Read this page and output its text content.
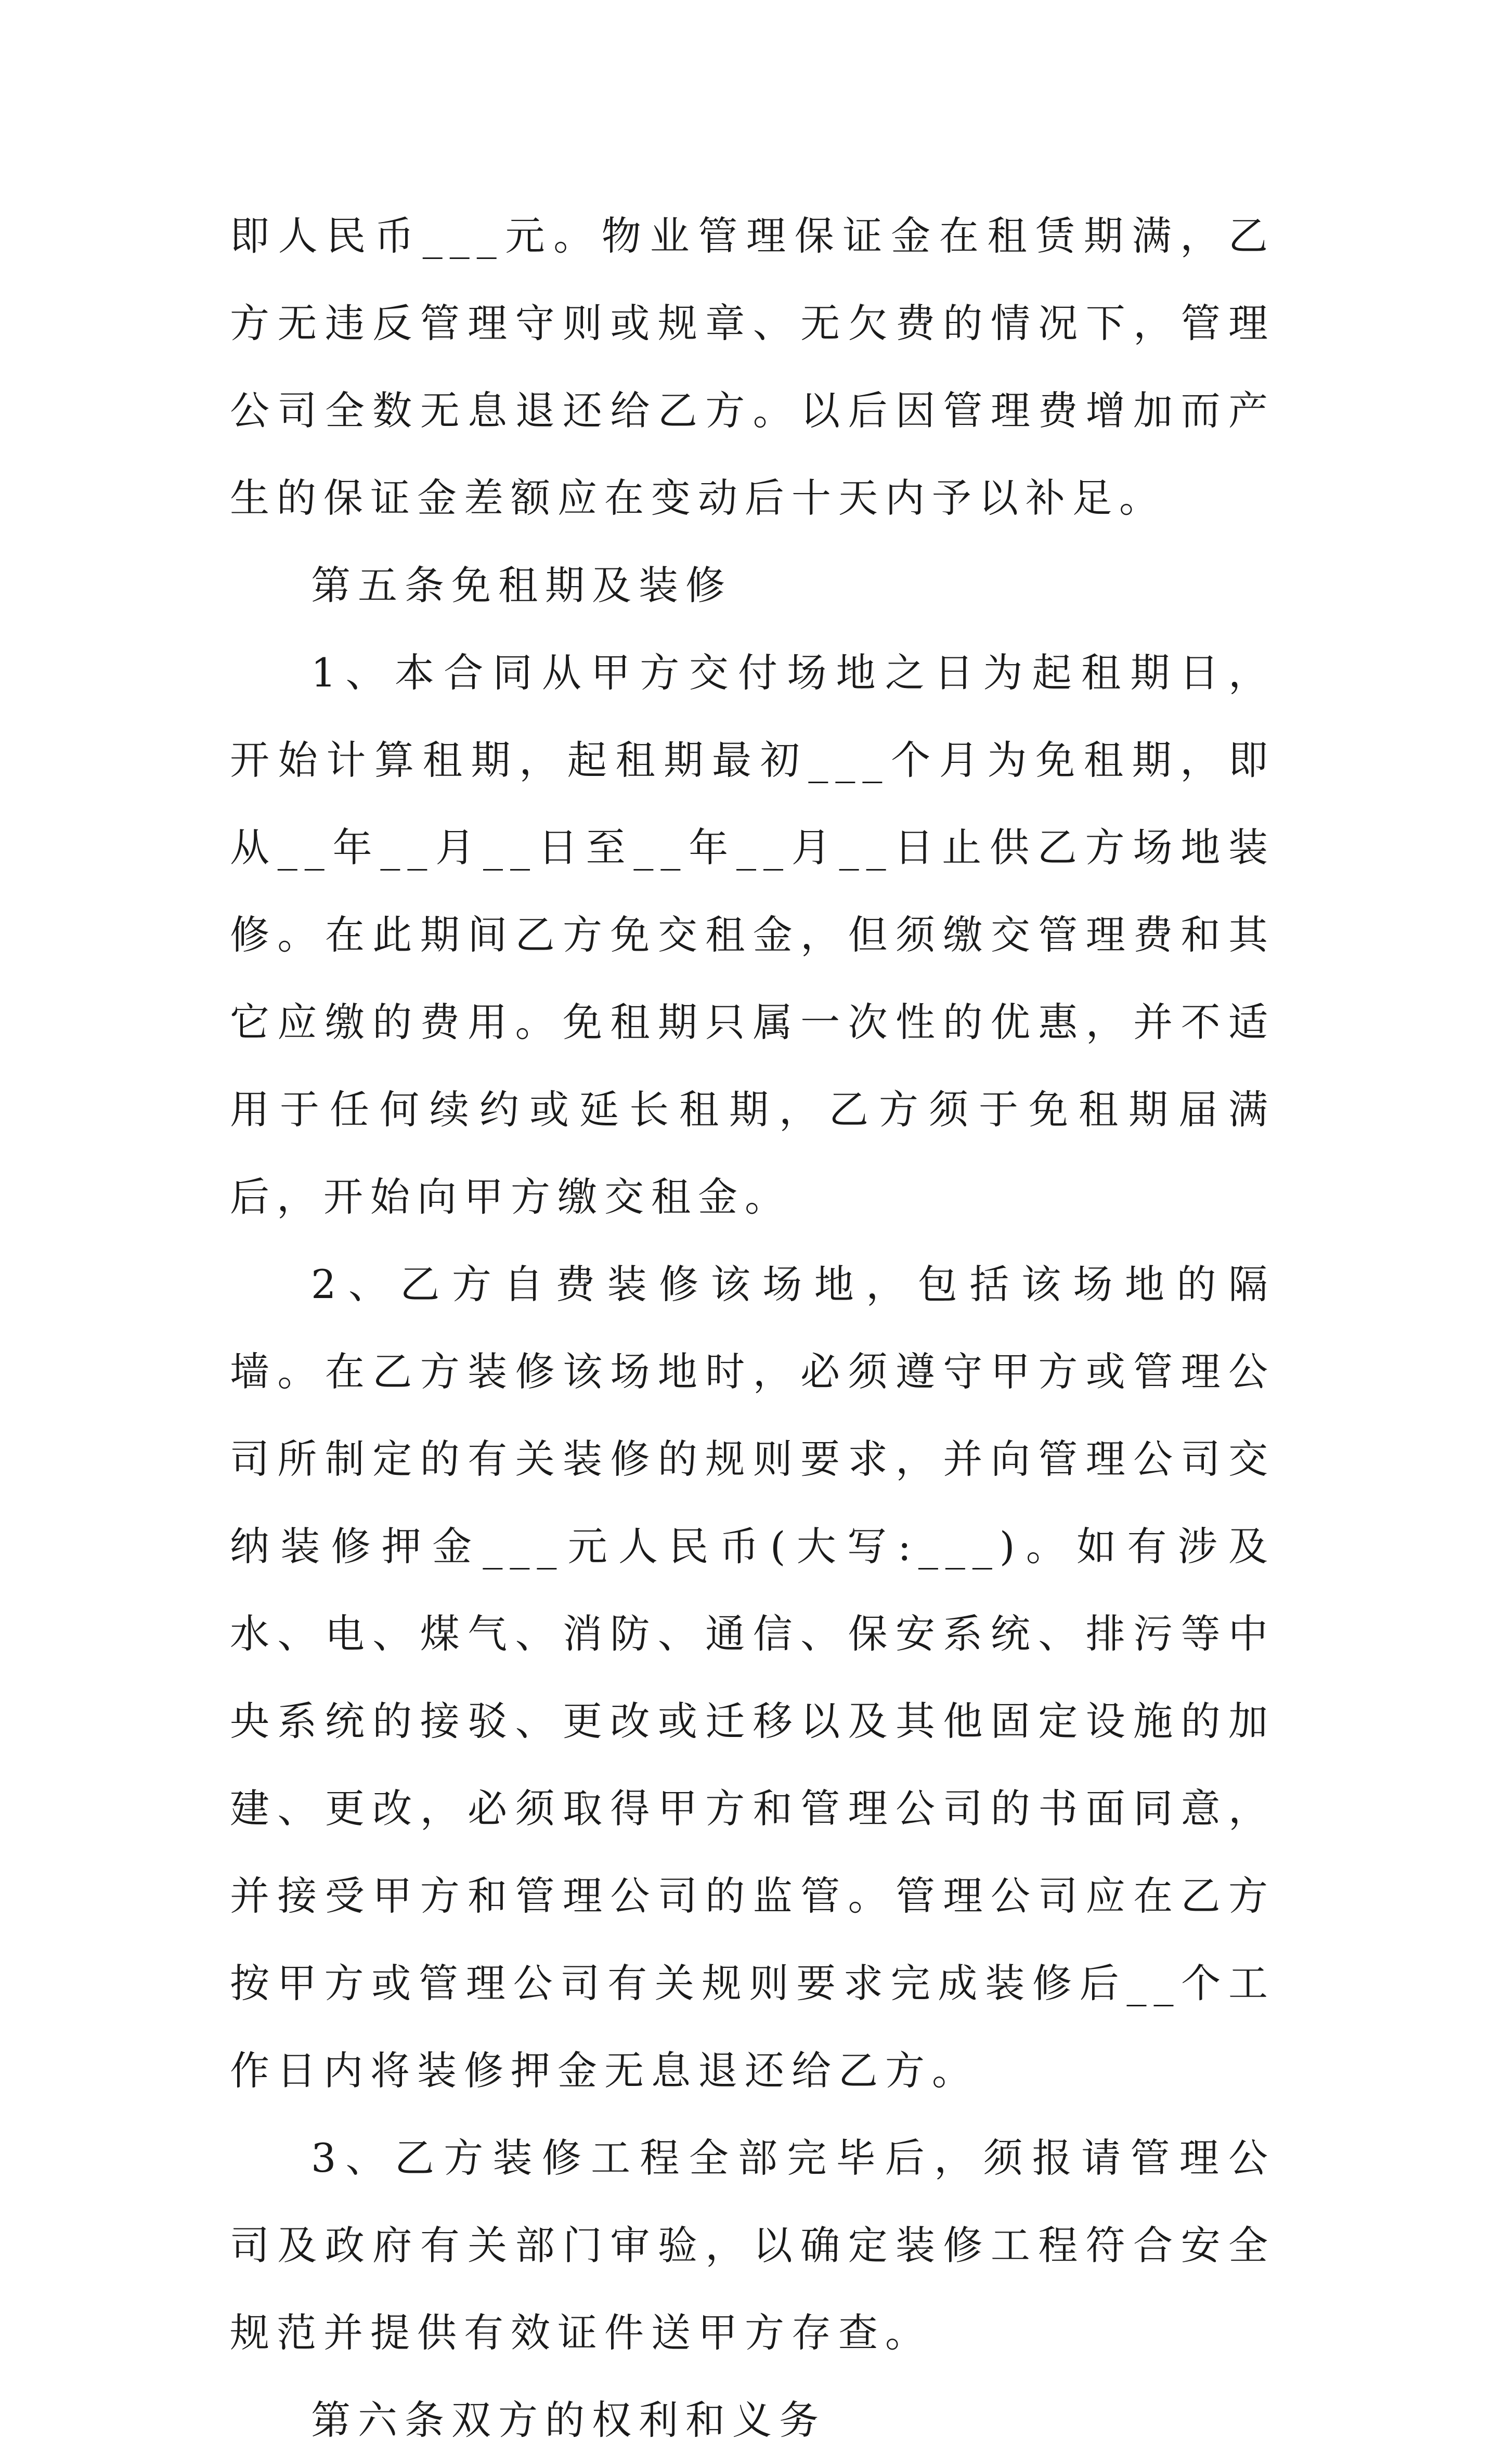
即人民币___元。物业管理保证金在租赁期满，乙方无违反管理守则或规章、无欠费的情况下，管理公司全数无息退还给乙方。以后因管理费增加而产生的保证金差额应在变动后十天内予以补足。

第五条免租期及装修

1、本合同从甲方交付场地之日为起租期日，开始计算租期，起租期最初___个月为免租期，即从__年__月__日至__年__月__日止供乙方场地装修。在此期间乙方免交租金，但须缴交管理费和其它应缴的费用。免租期只属一次性的优惠，并不适用于任何续约或延长租期，乙方须于免租期届满后，开始向甲方缴交租金。

2、乙方自费装修该场地，包括该场地的隔墙。在乙方装修该场地时，必须遵守甲方或管理公司所制定的有关装修的规则要求，并向管理公司交纳装修押金___元人民币(大写:___)。如有涉及水、电、煤气、消防、通信、保安系统、排污等中央系统的接驳、更改或迁移以及其他固定设施的加建、更改，必须取得甲方和管理公司的书面同意，并接受甲方和管理公司的监管。管理公司应在乙方按甲方或管理公司有关规则要求完成装修后__个工作日内将装修押金无息退还给乙方。

3、乙方装修工程全部完毕后，须报请管理公司及政府有关部门审验，以确定装修工程符合安全规范并提供有效证件送甲方存查。

第六条双方的权利和义务
